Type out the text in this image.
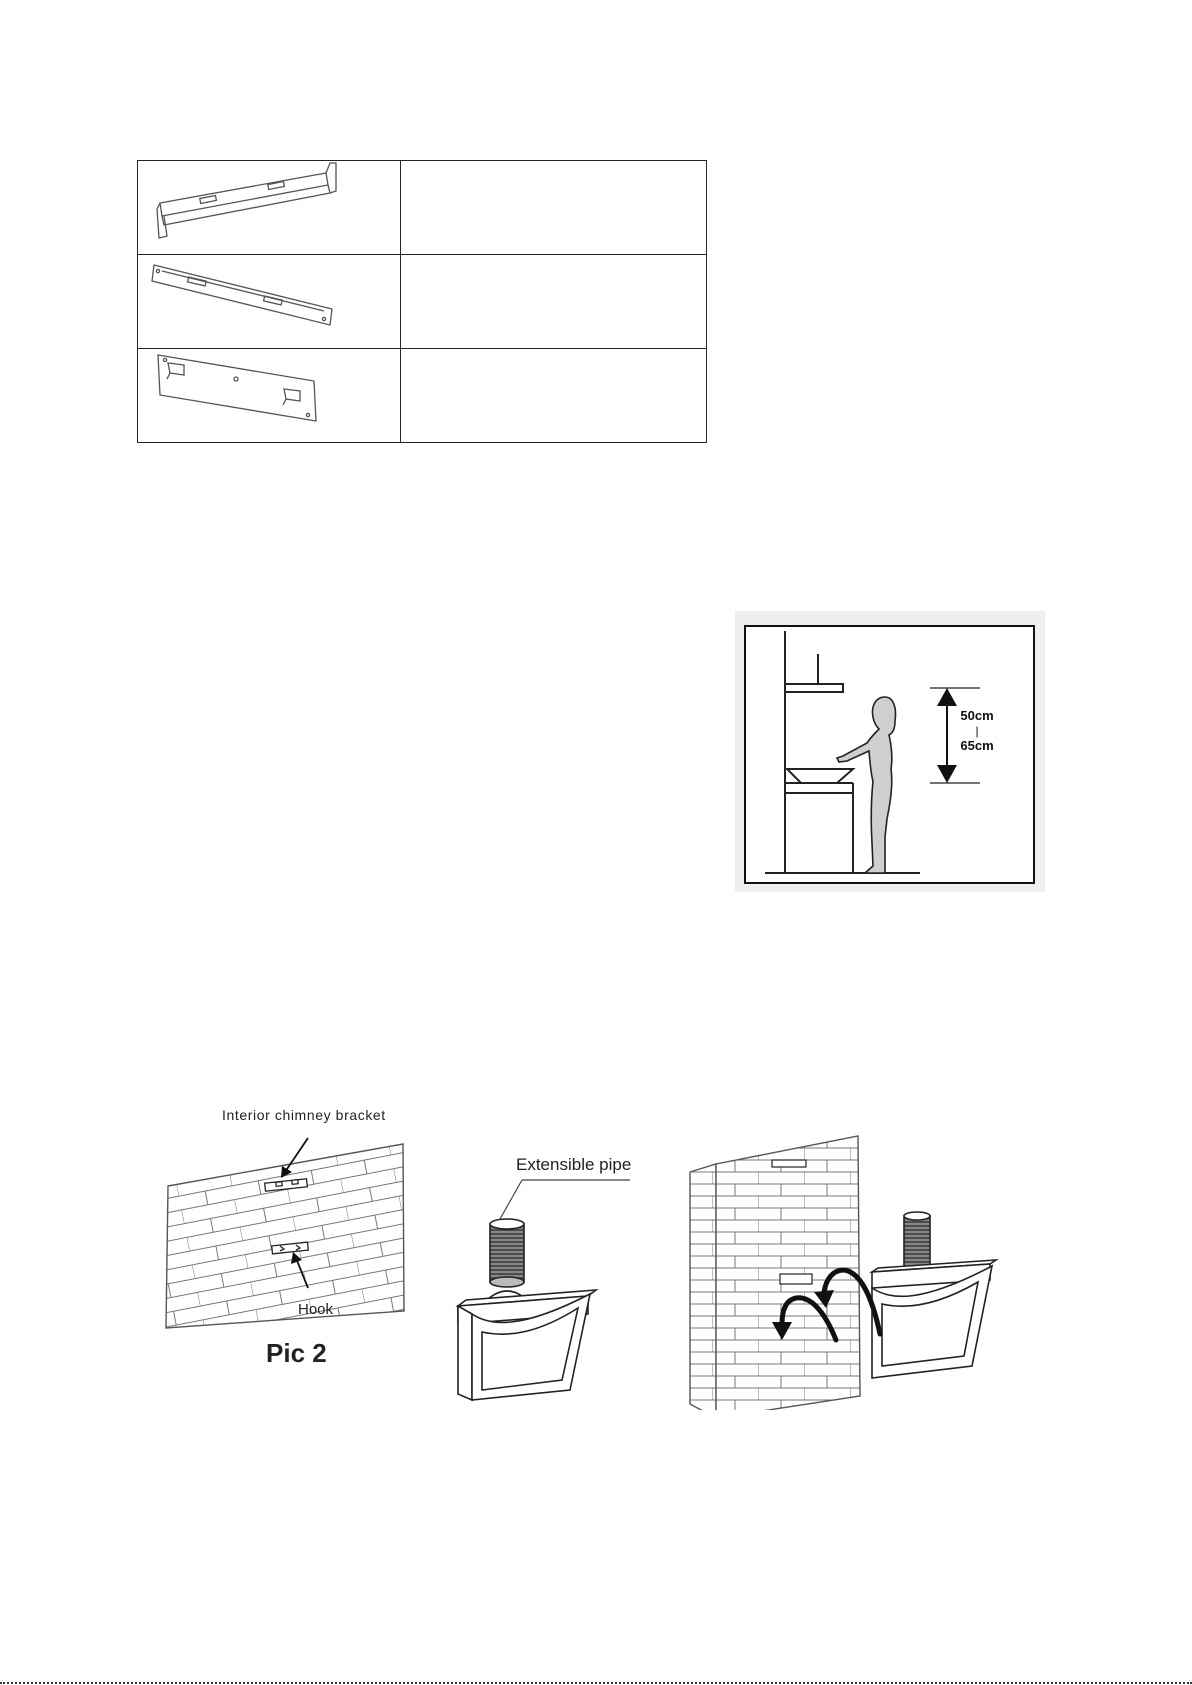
50cm
|
65cm
Interior chimney bracket
Hook
Pic 2
Extensible pipe
